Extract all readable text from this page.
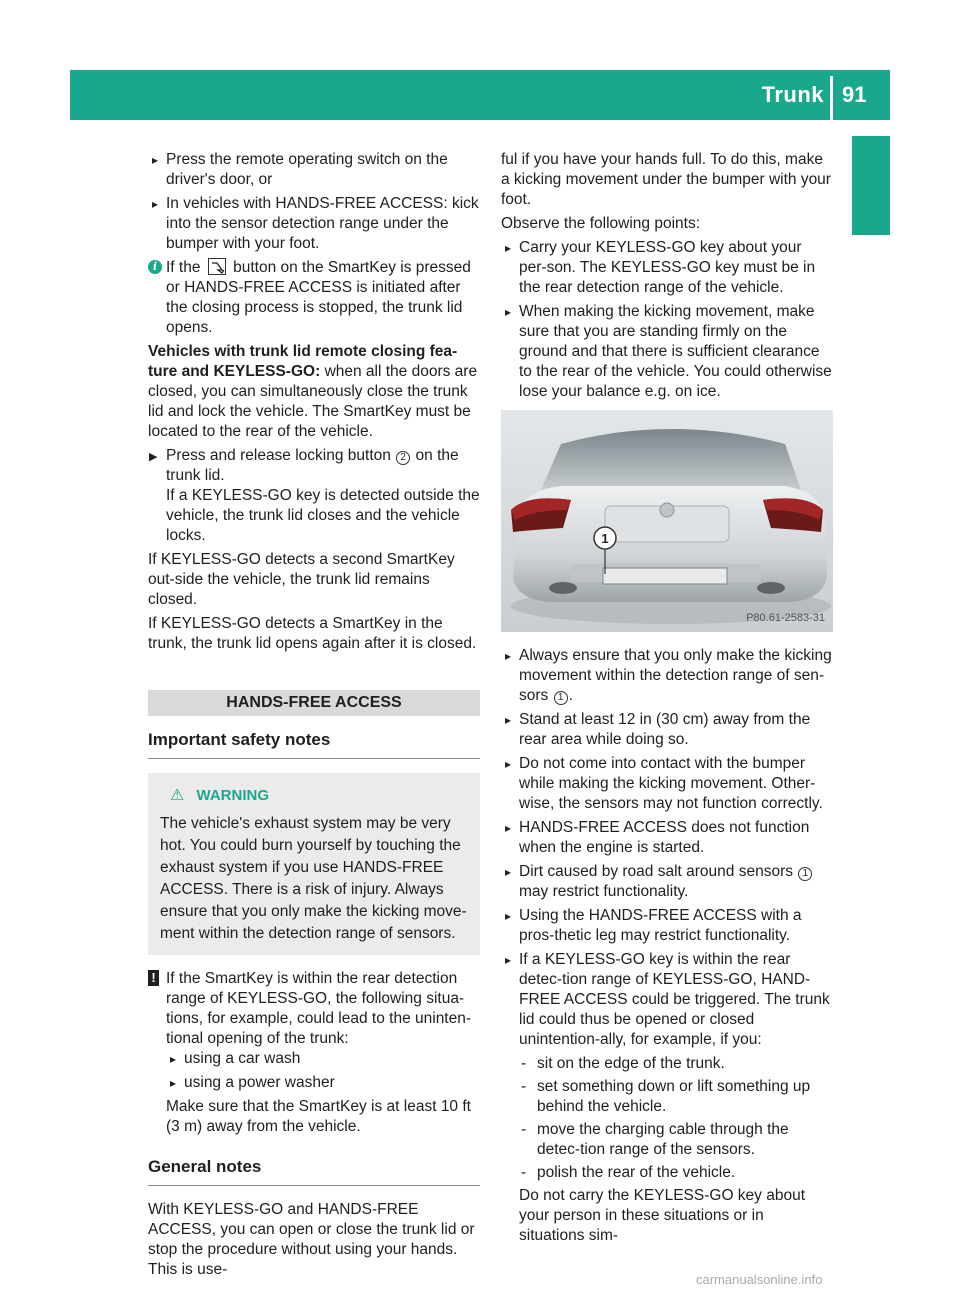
Trunk 91
Opening and closing
▸ Press the remote operating switch on the driver's door, or
▸ In vehicles with HANDS-FREE ACCESS: kick into the sensor detection range under the bumper with your foot.
i If the button on the SmartKey is pressed or HANDS-FREE ACCESS is initiated after the closing process is stopped, the trunk lid opens.

Vehicles with trunk lid remote closing fea-ture and KEYLESS-GO: when all the doors are closed, you can simultaneously close the trunk lid and lock the vehicle. The SmartKey must be located to the rear of the vehicle.

▶ Press and release locking button 2 on the trunk lid.
If a KEYLESS-GO key is detected outside the vehicle, the trunk lid closes and the vehicle locks.

If KEYLESS-GO detects a second SmartKey out-side the vehicle, the trunk lid remains closed.

If KEYLESS-GO detects a SmartKey in the trunk, the trunk lid opens again after it is closed.

HANDS-FREE ACCESS
Important safety notes
⚠ WARNING
The vehicle's exhaust system may be very hot. You could burn yourself by touching the exhaust system if you use HANDS-FREE ACCESS. There is a risk of injury. Always ensure that you only make the kicking move-ment within the detection range of sensors.
! If the SmartKey is within the rear detection range of KEYLESS-GO, the following situa-tions, for example, could lead to the uninten-tional opening of the trunk:
▸ using a car wash
▸ using a power washer
Make sure that the SmartKey is at least 10 ft (3 m) away from the vehicle.
General notes

With KEYLESS-GO and HANDS-FREE ACCESS, you can open or close the trunk lid or stop the procedure without using your hands. This is use-

ful if you have your hands full. To do this, make a kicking movement under the bumper with your foot.

Observe the following points:

▸ Carry your KEYLESS-GO key about your per-son. The KEYLESS-GO key must be in the rear detection range of the vehicle.
▸ When making the kicking movement, make sure that you are standing firmly on the ground and that there is sufficient clearance to the rear of the vehicle. You could otherwise lose your balance e.g. on ice.
1
P80.61-2583-31
▸ Always ensure that you only make the kicking movement within the detection range of sen-sors 1 .
▸ Stand at least 12 in (30 cm) away from the rear area while doing so.
▸ Do not come into contact with the bumper while making the kicking movement. Other-wise, the sensors may not function correctly.
▸ HANDS-FREE ACCESS does not function when the engine is started.
▸ Dirt caused by road salt around sensors 1 may restrict functionality.
▸ Using the HANDS-FREE ACCESS with a pros-thetic leg may restrict functionality.
▸ If a KEYLESS-GO key is within the rear detec-tion range of KEYLESS-GO, HAND-FREE ACCESS could be triggered. The trunk lid could thus be opened or closed unintention-ally, for example, if you:
- sit on the edge of the trunk.
- set something down or lift something up behind the vehicle.
- move the charging cable through the detec-tion range of the sensors.
- polish the rear of the vehicle.

Do not carry the KEYLESS-GO key about your person in these situations or in situations sim-

carmanualsonline.info
